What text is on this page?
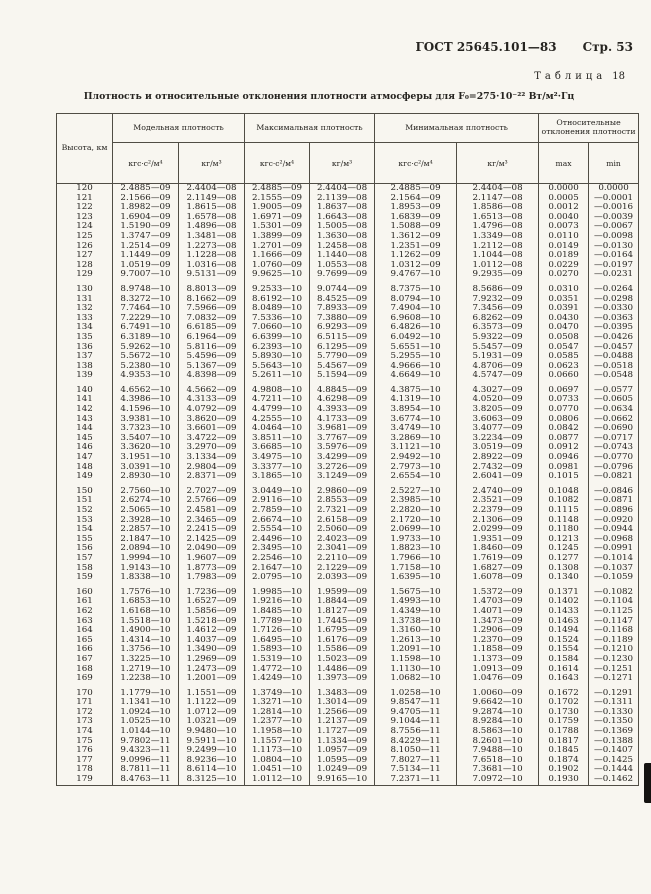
ГОСТ 25645.101—83 Стр. 53
Таблица 18
Плотность и относительные отклонения плотности атмосферы для F₀=275·10⁻²² Вт/м²·Гц
Высота, км	Модельная плотность		Максимальная плотность		Минимальная плотность		Относительные отклонения плотности	
	кгс·с²/м⁴	кг/м³	кгс·с²/м⁴	кг/м³	кгс·с²/м⁴	кг/м³	max	min
120	2.4885—09	2.4404—08	2.4885—09	2.4404—08	2.4885—09	2.4404—08	0.0000	0.0000
121	2.1566—09	2.1149—08	2.1555—09	2.1139—08	2.1564—09	2.1147—08	0.0005	—0.0001
122	1.8982—09	1.8615—08	1.9005—09	1.8637—08	1.8953—09	1.8586—08	0.0012	—0.0016
123	1.6904—09	1.6578—08	1.6971—09	1.6643—08	1.6839—09	1.6513—08	0.0040	—0.0039
124	1.5190—09	1.4896—08	1.5301—09	1.5005—08	1.5088—09	1.4796—08	0.0073	—0.0067
125	1.3747—09	1.3481—08	1.3899—09	1.3630—08	1.3612—09	1.3349—08	0.0110	—0.0098
126	1.2514—09	1.2273—08	1.2701—09	1.2458—08	1.2351—09	1.2112—08	0.0149	—0.0130
127	1.1449—09	1.1228—08	1.1666—09	1.1440—08	1.1262—09	1.1044—08	0.0189	—0.0164
128	1.0519—09	1.0316—08	1.0760—09	1.0553—08	1.0312—09	1.0112—08	0.0229	—0.0197
129	9.7007—10	9.5131—09	9.9625—10	9.7699—09	9.4767—10	9.2935—09	0.0270	—0.0231

130	8.9748—10	8.8013—09	9.2533—10	9.0744—09	8.7375—10	8.5686—09	0.0310	—0.0264
131	8.3272—10	8.1662—09	8.6192—10	8.4525—09	8.0794—10	7.9232—09	0.0351	—0.0298
132	7.7464—10	7.5966—09	8.0489—10	7.8933—09	7.4904—10	7.3456—09	0.0391	—0.0330
133	7.2229—10	7.0832—09	7.5336—10	7.3880—09	6.9608—10	6.8262—09	0.0430	—0.0363
134	6.7491—10	6.6185—09	7.0660—10	6.9293—09	6.4826—10	6.3573—09	0.0470	—0.0395
135	6.3189—10	6.1964—09	6.6399—10	6.5115—09	6.0492—10	5.9322—09	0.0508	—0.0426
136	5.9262—10	5.8116—09	6.2393—10	6.1295—09	5.6551—10	5.5457—09	0.0547	—0.0457
137	5.5672—10	5.4596—09	5.8930—10	5.7790—09	5.2955—10	5.1931—09	0.0585	—0.0488
138	5.2380—10	5.1367—09	5.5643—10	5.4567—09	4.9666—10	4.8706—09	0.0623	—0.0518
139	4.9353—10	4.8398—09	5.2611—10	5.1594—09	4.6649—10	4.5747—09	0.0660	—0.0548

140	4.6562—10	4.5662—09	4.9808—10	4.8845—09	4.3875—10	4.3027—09	0.0697	—0.0577
141	4.3986—10	4.3133—09	4.7211—10	4.6298—09	4.1319—10	4.0520—09	0.0733	—0.0605
142	4.1596—10	4.0792—09	4.4799—10	4.3933—09	3.8954—10	3.8205—09	0.0770	—0.0634
143	3.9381—10	3.8620—09	4.2555—10	4.1733—09	3.6774—10	3.6063—09	0.0806	—0.0662
144	3.7323—10	3.6601—09	4.0464—10	3.9681—09	3.4749—10	3.4077—09	0.0842	—0.0690
145	3.5407—10	3.4722—09	3.8511—10	3.7767—09	3.2869—10	3.2234—09	0.0877	—0.0717
146	3.3620—10	3.2970—09	3.6685—10	3.5976—09	3.1121—10	3.0519—09	0.0912	—0.0743
147	3.1951—10	3.1334—09	3.4975—10	3.4299—09	2.9492—10	2.8922—09	0.0946	—0.0770
148	3.0391—10	2.9804—09	3.3377—10	3.2726—09	2.7973—10	2.7432—09	0.0981	—0.0796
149	2.8930—10	2.8371—09	3.1865—10	3.1249—09	2.6554—10	2.6041—09	0.1015	—0.0821

150	2.7560—10	2.7027—09	3.0449—10	2.9860—09	2.5227—10	2.4740—09	0.1048	—0.0846
151	2.6274—10	2.5766—09	2.9116—10	2.8553—09	2.3985—10	2.3521—09	0.1082	—0.0871
152	2.5065—10	2.4581—09	2.7859—10	2.7321—09	2.2820—10	2.2379—09	0.1115	—0.0896
153	2.3928—10	2.3465—09	2.6674—10	2.6158—09	2.1720—10	2.1306—09	0.1148	—0.0920
154	2.2857—10	2.2415—09	2.5554—10	2.5060—09	2.0699—10	2.0299—09	0.1180	—0.0944
155	2.1847—10	2.1425—09	2.4496—10	2.4023—09	1.9733—10	1.9351—09	0.1213	—0.0968
156	2.0894—10	2.0490—09	2.3495—10	2.3041—09	1.8823—10	1.8460—09	0.1245	—0.0991
157	1.9994—10	1.9607—09	2.2546—10	2.2110—09	1.7966—10	1.7619—09	0.1277	—0.1014
158	1.9143—10	1.8773—09	2.1647—10	2.1229—09	1.7158—10	1.6827—09	0.1308	—0.1037
159	1.8338—10	1.7983—09	2.0795—10	2.0393—09	1.6395—10	1.6078—09	0.1340	—0.1059

160	1.7576—10	1.7236—09	1.9985—10	1.9599—09	1.5675—10	1.5372—09	0.1371	—0.1082
161	1.6853—10	1.6527—09	1.9216—10	1.8844—09	1.4993—10	1.4703—09	0.1402	—0.1104
162	1.6168—10	1.5856—09	1.8485—10	1.8127—09	1.4349—10	1.4071—09	0.1433	—0.1125
163	1.5518—10	1.5218—09	1.7789—10	1.7445—09	1.3738—10	1.3473—09	0.1463	—0.1147
164	1.4900—10	1.4612—09	1.7126—10	1.6795—09	1.3160—10	1.2906—09	0.1494	—0.1168
165	1.4314—10	1.4037—09	1.6495—10	1.6176—09	1.2613—10	1.2370—09	0.1524	—0.1189
166	1.3756—10	1.3490—09	1.5893—10	1.5586—09	1.2091—10	1.1858—09	0.1554	—0.1210
167	1.3225—10	1.2969—09	1.5319—10	1.5023—09	1.1598—10	1.1373—09	0.1584	—0.1230
168	1.2719—10	1.2473—09	1.4772—10	1.4486—09	1.1130—10	1.0913—09	0.1614	—0.1251
169	1.2238—10	1.2001—09	1.4249—10	1.3973—09	1.0682—10	1.0476—09	0.1643	—0.1271

170	1.1779—10	1.1551—09	1.3749—10	1.3483—09	1.0258—10	1.0060—09	0.1672	—0.1291
171	1.1341—10	1.1122—09	1.3271—10	1.3014—09	9.8547—11	9.6642—10	0.1702	—0.1311
172	1.0924—10	1.0712—09	1.2814—10	1.2566—09	9.4705—11	9.2874—10	0.1730	—0.1330
173	1.0525—10	1.0321—09	1.2377—10	1.2137—09	9.1044—11	8.9284—10	0.1759	—0.1350
174	1.0144—10	9.9480—10	1.1958—10	1.1727—09	8.7556—11	8.5863—10	0.1788	—0.1369
175	9.7802—11	9.5911—10	1.1557—10	1.1334—09	8.4229—11	8.2601—10	0.1817	—0.1388
176	9.4323—11	9.2499—10	1.1173—10	1.0957—09	8.1050—11	7.9488—10	0.1845	—0.1407
177	9.0996—11	8.9236—10	1.0804—10	1.0595—09	7.8027—11	7.6518—10	0.1874	—0.1425
178	8.7811—11	8.6114—10	1.0451—10	1.0249—09	7.5134—11	7.3681—10	0.1902	—0.1444
179	8.4763—11	8.3125—10	1.0112—10	9.9165—10	7.2371—11	7.0972—10	0.1930	—0.1462
